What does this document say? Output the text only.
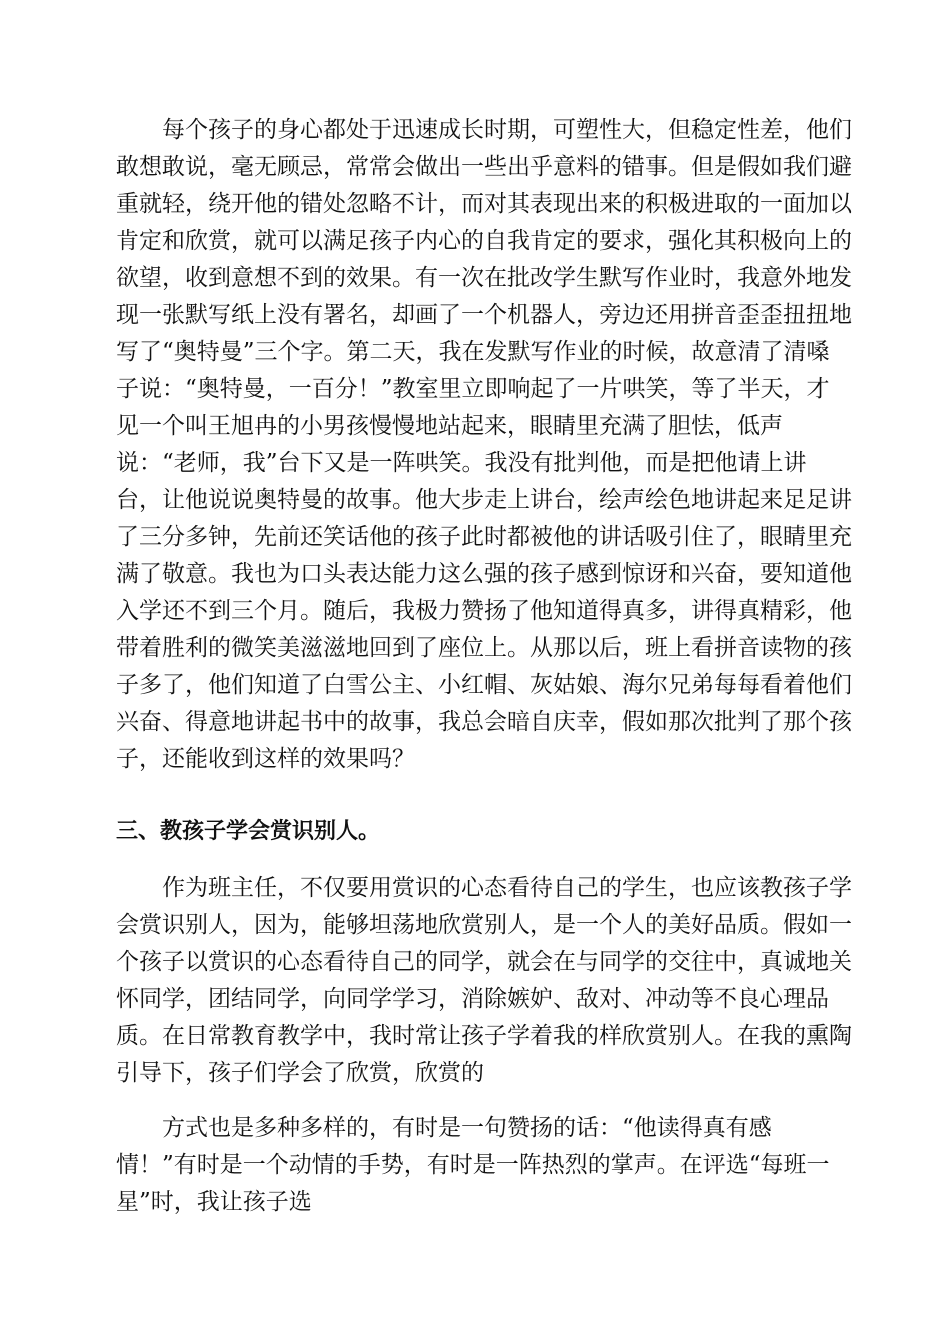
每个孩子的身心都处于迅速成长时期，可塑性大，但稳定性差，他们
敢想敢说，毫无顾忌，常常会做出一些出乎意料的错事。但是假如我们避
重就轻，绕开他的错处忽略不计，而对其表现出来的积极进取的一面加以
肯定和欣赏，就可以满足孩子内心的自我肯定的要求，强化其积极向上的
欲望，收到意想不到的效果。有一次在批改学生默写作业时，我意外地发
现一张默写纸上没有署名，却画了一个机器人，旁边还用拼音歪歪扭扭地
写了“奥特曼”三个字。第二天，我在发默写作业的时候，故意清了清嗓
子说：“奥特曼，一百分！”教室里立即响起了一片哄笑，等了半天，才
见一个叫王旭冉的小男孩慢慢地站起来，眼睛里充满了胆怯，低声
说：“老师，我”台下又是一阵哄笑。我没有批判他，而是把他请上讲
台，让他说说奥特曼的故事。他大步走上讲台，绘声绘色地讲起来足足讲
了三分多钟，先前还笑话他的孩子此时都被他的讲话吸引住了，眼睛里充
满了敬意。我也为口头表达能力这么强的孩子感到惊讶和兴奋，要知道他
入学还不到三个月。随后，我极力赞扬了他知道得真多，讲得真精彩，他
带着胜利的微笑美滋滋地回到了座位上。从那以后，班上看拼音读物的孩
子多了，他们知道了白雪公主、小红帽、灰姑娘、海尔兄弟每每看着他们
兴奋、得意地讲起书中的故事，我总会暗自庆幸，假如那次批判了那个孩
子，还能收到这样的效果吗？
三、教孩子学会赏识别人。
作为班主任，不仅要用赏识的心态看待自己的学生，也应该教孩子学
会赏识别人，因为，能够坦荡地欣赏别人，是一个人的美好品质。假如一
个孩子以赏识的心态看待自己的同学，就会在与同学的交往中，真诚地关
怀同学，团结同学，向同学学习，消除嫉妒、敌对、冲动等不良心理品
质。在日常教育教学中，我时常让孩子学着我的样欣赏别人。在我的熏陶
引导下，孩子们学会了欣赏，欣赏的
方式也是多种多样的，有时是一句赞扬的话：“他读得真有感
情！”有时是一个动情的手势，有时是一阵热烈的掌声。在评选“每班一
星”时，我让孩子选
